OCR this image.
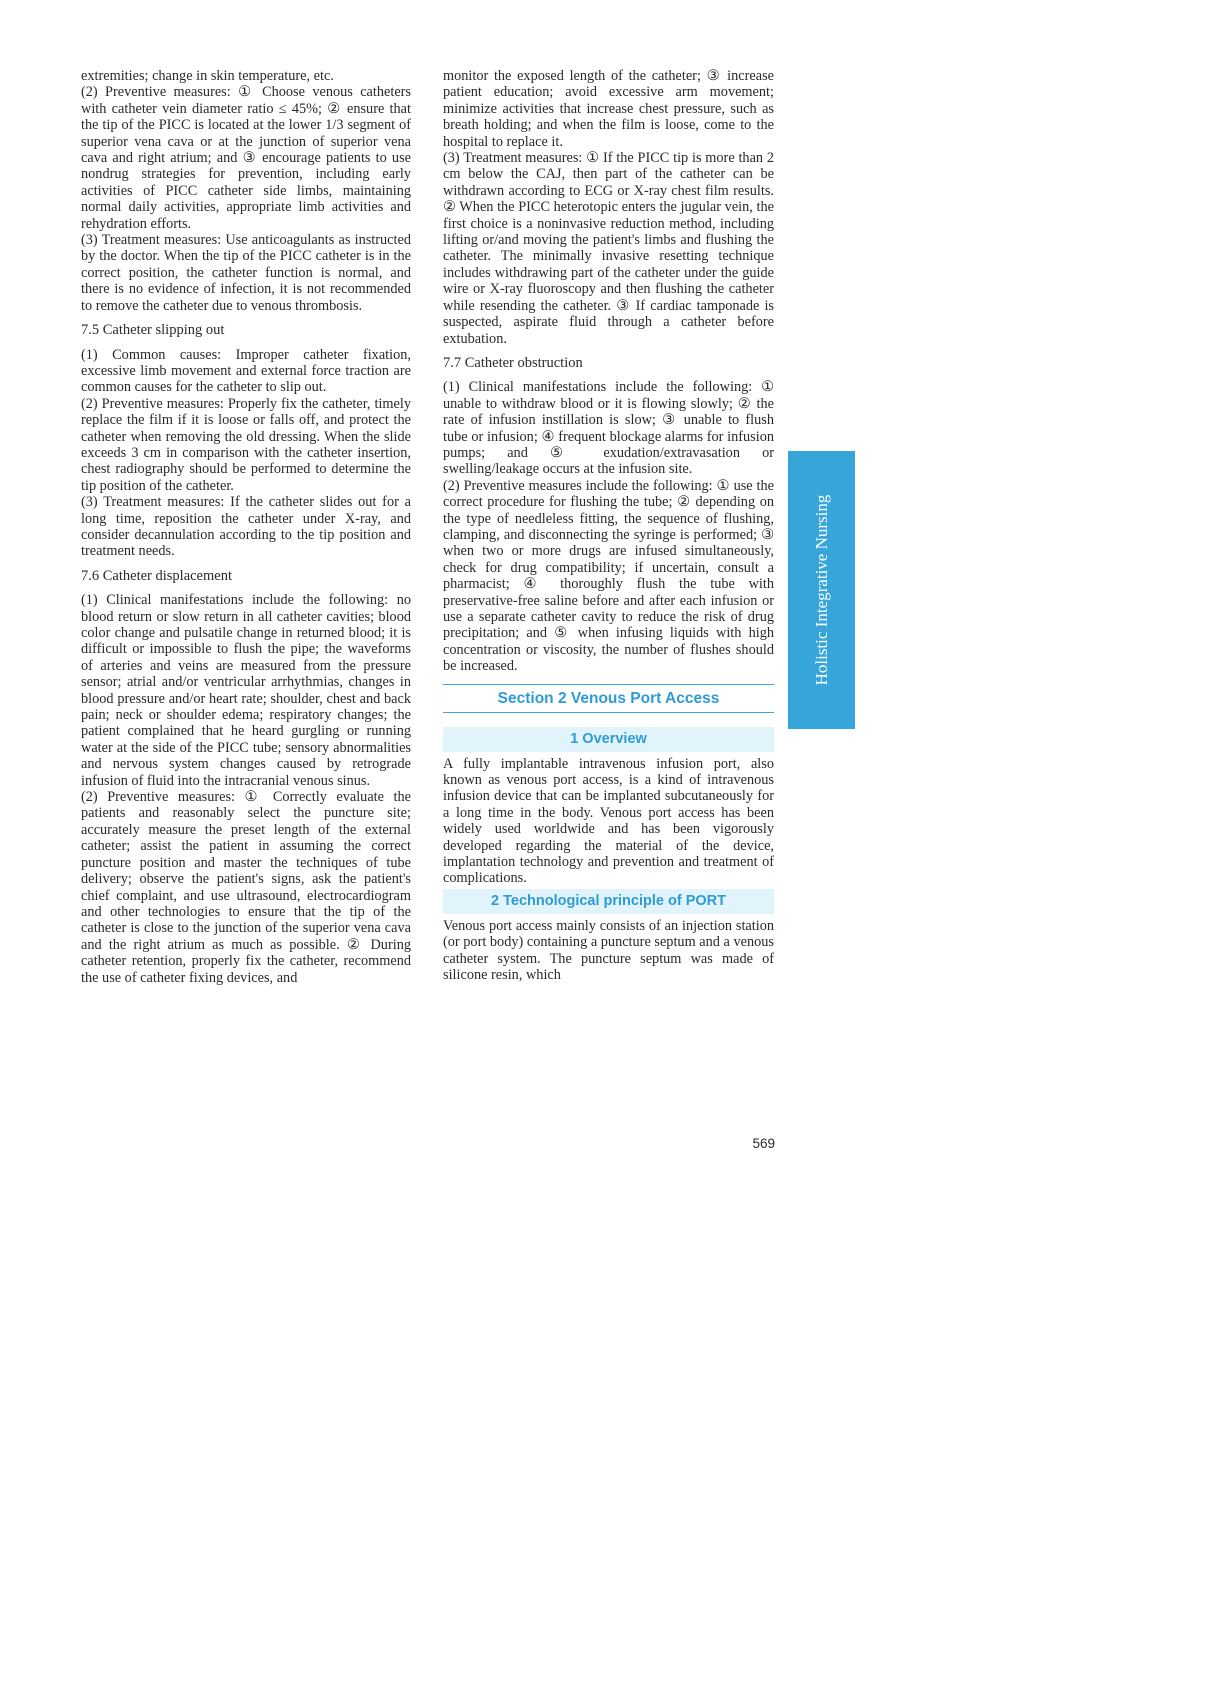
extremities; change in skin temperature, etc.

(2) Preventive measures: ① Choose venous catheters with catheter vein diameter ratio ≤ 45%; ② ensure that the tip of the PICC is located at the lower 1/3 segment of superior vena cava or at the junction of superior vena cava and right atrium; and ③ encourage patients to use nondrug strategies for prevention, including early activities of PICC catheter side limbs, maintaining normal daily activities, appropriate limb activities and rehydration efforts.

(3) Treatment measures: Use anticoagulants as instructed by the doctor. When the tip of the PICC catheter is in the correct position, the catheter function is normal, and there is no evidence of infection, it is not recommended to remove the catheter due to venous thrombosis.

7.5 Catheter slipping out

(1) Common causes: Improper catheter fixation, excessive limb movement and external force traction are common causes for the catheter to slip out.

(2) Preventive measures: Properly fix the catheter, timely replace the film if it is loose or falls off, and protect the catheter when removing the old dressing. When the slide exceeds 3 cm in comparison with the catheter insertion, chest radiography should be performed to determine the tip position of the catheter.

(3) Treatment measures: If the catheter slides out for a long time, reposition the catheter under X-ray, and consider decannulation according to the tip position and treatment needs.

7.6 Catheter displacement

(1) Clinical manifestations include the following: no blood return or slow return in all catheter cavities; blood color change and pulsatile change in returned blood; it is difficult or impossible to flush the pipe; the waveforms of arteries and veins are measured from the pressure sensor; atrial and/or ventricular arrhythmias, changes in blood pressure and/or heart rate; shoulder, chest and back pain; neck or shoulder edema; respiratory changes; the patient complained that he heard gurgling or running water at the side of the PICC tube; sensory abnormalities and nervous system changes caused by retrograde infusion of fluid into the intracranial venous sinus.

(2) Preventive measures: ① Correctly evaluate the patients and reasonably select the puncture site; accurately measure the preset length of the external catheter; assist the patient in assuming the correct puncture position and master the techniques of tube delivery; observe the patient's signs, ask the patient's chief complaint, and use ultrasound, electrocardiogram and other technologies to ensure that the tip of the catheter is close to the junction of the superior vena cava and the right atrium as much as possible. ② During catheter retention, properly fix the catheter, recommend the use of catheter fixing devices, and

monitor the exposed length of the catheter; ③ increase patient education; avoid excessive arm movement; minimize activities that increase chest pressure, such as breath holding; and when the film is loose, come to the hospital to replace it.

(3) Treatment measures: ① If the PICC tip is more than 2 cm below the CAJ, then part of the catheter can be withdrawn according to ECG or X-ray chest film results. ② When the PICC heterotopic enters the jugular vein, the first choice is a noninvasive reduction method, including lifting or/and moving the patient's limbs and flushing the catheter. The minimally invasive resetting technique includes withdrawing part of the catheter under the guide wire or X-ray fluoroscopy and then flushing the catheter while resending the catheter. ③ If cardiac tamponade is suspected, aspirate fluid through a catheter before extubation.

7.7 Catheter obstruction

(1) Clinical manifestations include the following: ① unable to withdraw blood or it is flowing slowly; ② the rate of infusion instillation is slow; ③ unable to flush tube or infusion; ④ frequent blockage alarms for infusion pumps; and ⑤ exudation/extravasation or swelling/leakage occurs at the infusion site.

(2) Preventive measures include the following: ① use the correct procedure for flushing the tube; ② depending on the type of needleless fitting, the sequence of flushing, clamping, and disconnecting the syringe is performed; ③ when two or more drugs are infused simultaneously, check for drug compatibility; if uncertain, consult a pharmacist; ④ thoroughly flush the tube with preservative-free saline before and after each infusion or use a separate catheter cavity to reduce the risk of drug precipitation; and ⑤ when infusing liquids with high concentration or viscosity, the number of flushes should be increased.

Section 2 Venous Port Access
1 Overview

A fully implantable intravenous infusion port, also known as venous port access, is a kind of intravenous infusion device that can be implanted subcutaneously for a long time in the body. Venous port access has been widely used worldwide and has been vigorously developed regarding the material of the device, implantation technology and prevention and treatment of complications.

2 Technological principle of PORT

Venous port access mainly consists of an injection station (or port body) containing a puncture septum and a venous catheter system. The puncture septum was made of silicone resin, which

Holistic Integrative Nursing
569
